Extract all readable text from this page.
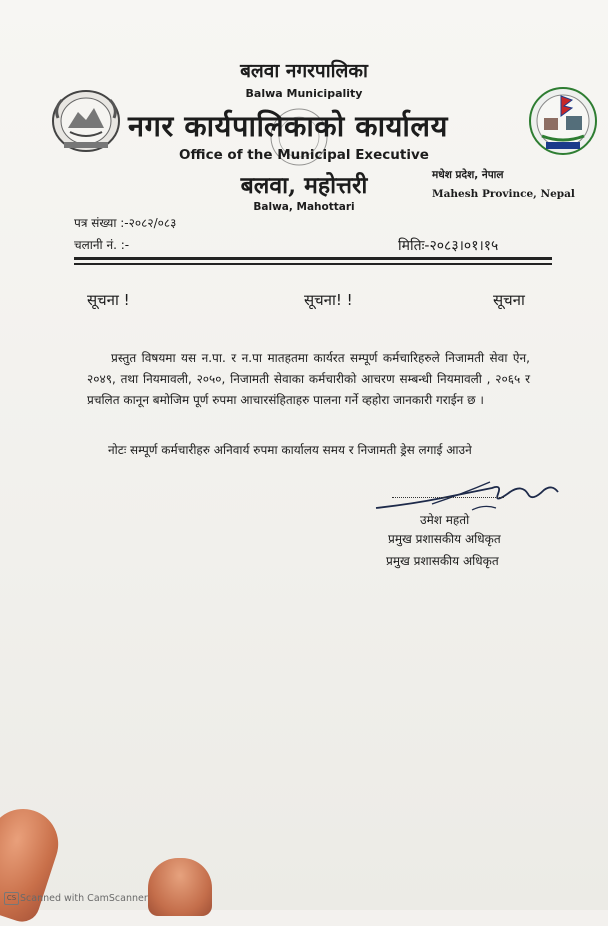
बलवा नगरपालिका
Balwa Municipality
नगर कार्यपालिकाको कार्यालय
Office of the Municipal Executive
बलवा, महोत्तरी
Balwa, Mahottari
मधेश प्रदेश, नेपाल
Mahesh Province, Nepal
पत्र संख्या :-२०८२/०८३
चलानी नं. :-	मितिः-२०८३।०१।१५
सूचना !	सूचना! !	सूचना
प्रस्तुत विषयमा यस न.पा. र न.पा मातहतमा कार्यरत सम्पूर्ण कर्मचारिहरुले निजामती सेवा ऐन, २०४९, तथा नियमावली, २०५०, निजामती सेवाका कर्मचारीको आचरण सम्बन्धी नियमावली , २०६५ र प्रचलित कानून बमोजिम पूर्ण रुपमा आचारसंहिताहरु पालना गर्ने व्हहोरा जानकारी गराईन छ ।
नोटः सम्पूर्ण कर्मचारीहरु अनिवार्य रुपमा कार्यालय समय र निजामती ड्रेस लगाई आउने
उमेश महतो
प्रमुख प्रशासकीय अधिकृत
प्रमुख प्रशासकीय अधिकृत
CS Scanned with CamScanner
